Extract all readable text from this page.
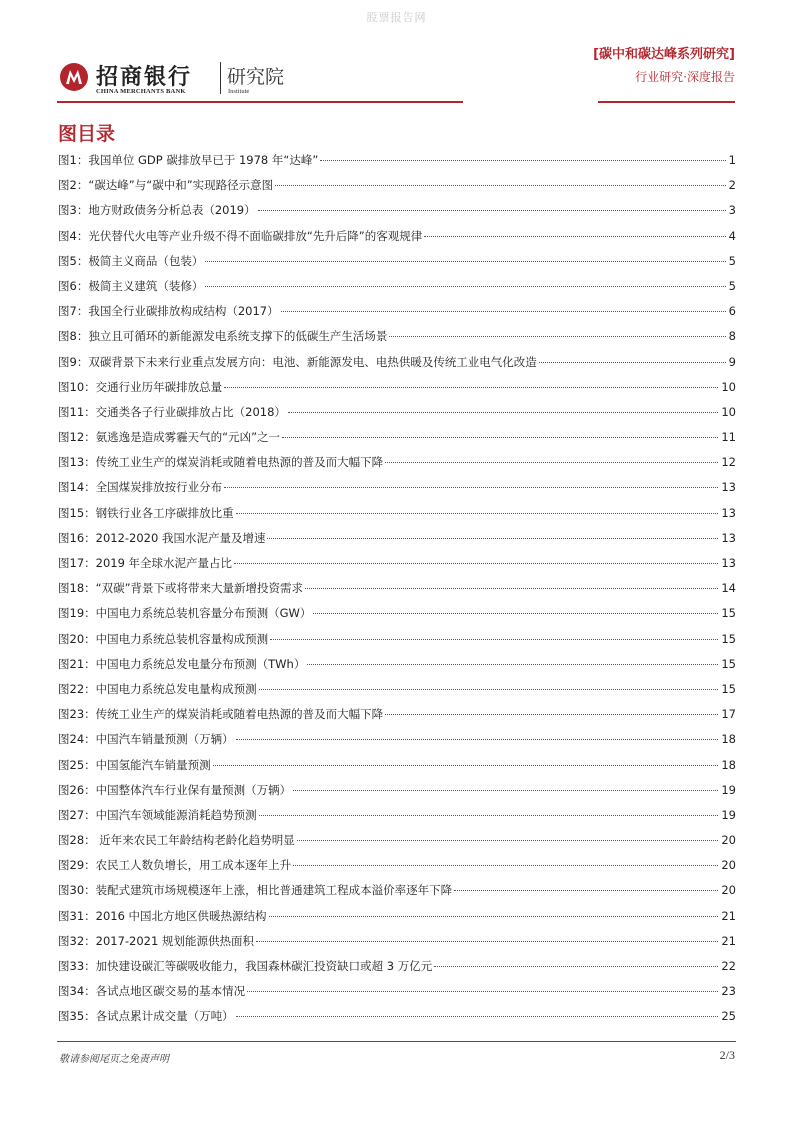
股票报告网
招商银行
CHINA MERCHANTS BANK
研究院
Institute
[碳中和碳达峰系列研究]
行业研究·深度报告
图目录
图1：我国单位 GDP 碳排放早已于 1978 年“达峰”	1
图2：“碳达峰”与“碳中和”实现路径示意图	2
图3：地方财政债务分析总表（2019）	3
图4：光伏替代火电等产业升级不得不面临碳排放“先升后降”的客观规律	4
图5：极简主义商品（包装）	5
图6：极简主义建筑（装修）	5
图7：我国全行业碳排放构成结构（2017）	6
图8：独立且可循环的新能源发电系统支撑下的低碳生产生活场景	8
图9：双碳背景下未来行业重点发展方向：电池、新能源发电、电热供暖及传统工业电气化改造	9
图10：交通行业历年碳排放总量	10
图11：交通类各子行业碳排放占比（2018）	10
图12：氨逃逸是造成雾霾天气的“元凶”之一	11
图13：传统工业生产的煤炭消耗或随着电热源的普及而大幅下降	12
图14：全国煤炭排放按行业分布	13
图15：钢铁行业各工序碳排放比重	13
图16：2012-2020 我国水泥产量及增速	13
图17：2019 年全球水泥产量占比	13
图18：“双碳”背景下或将带来大量新增投资需求	14
图19：中国电力系统总装机容量分布预测（GW）	15
图20：中国电力系统总装机容量构成预测	15
图21：中国电力系统总发电量分布预测（TWh）	15
图22：中国电力系统总发电量构成预测	15
图23：传统工业生产的煤炭消耗或随着电热源的普及而大幅下降	17
图24：中国汽车销量预测（万辆）	18
图25：中国氢能汽车销量预测	18
图26：中国整体汽车行业保有量预测（万辆）	19
图27：中国汽车领域能源消耗趋势预测	19
图28： 近年来农民工年龄结构老龄化趋势明显	20
图29：农民工人数负增长，用工成本逐年上升	20
图30：装配式建筑市场规模逐年上涨，相比普通建筑工程成本溢价率逐年下降	20
图31：2016 中国北方地区供暖热源结构	21
图32：2017-2021 规划能源供热面积	21
图33：加快建设碳汇等碳吸收能力，我国森林碳汇投资缺口或超 3 万亿元	22
图34：各试点地区碳交易的基本情况	23
图35：各试点累计成交量（万吨）	25
敬请参阅尾页之免责声明	2/3
